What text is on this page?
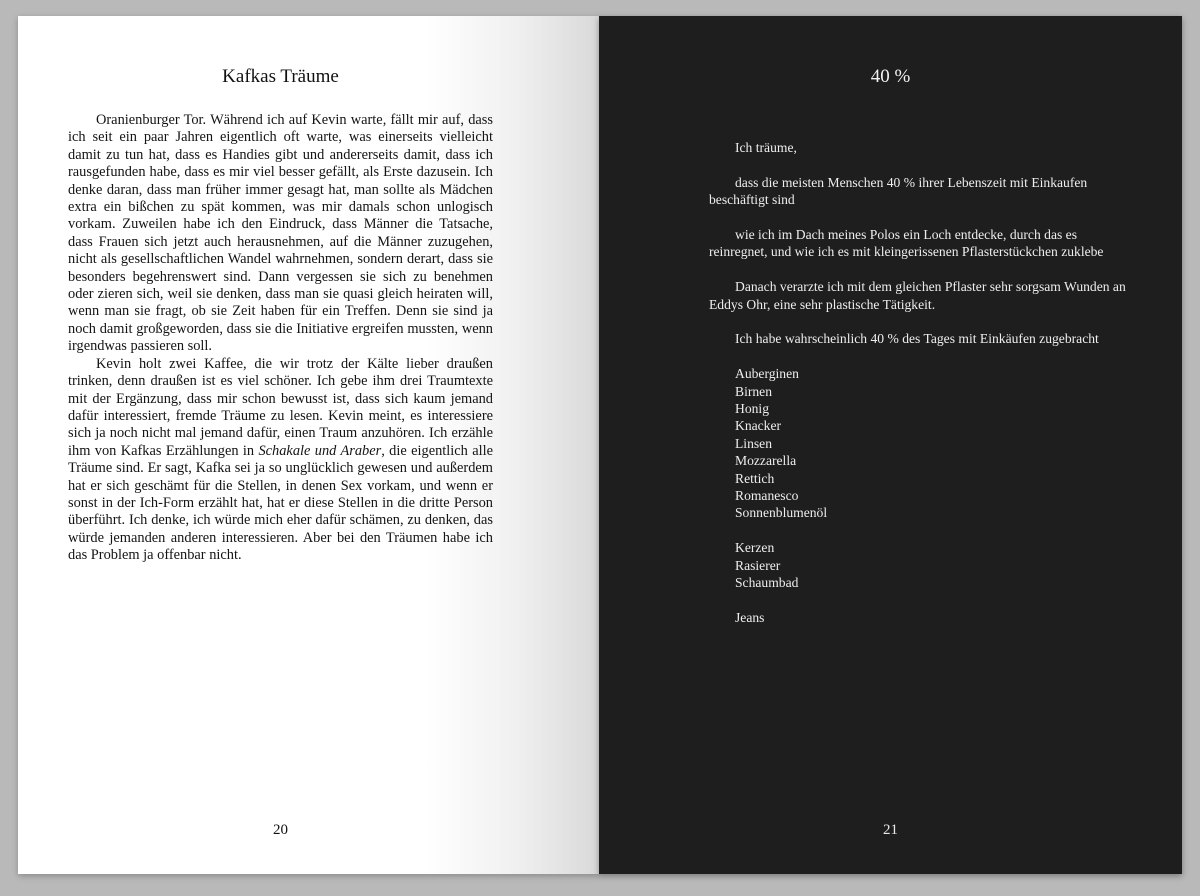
Kafkas Träume

Oranienburger Tor. Während ich auf Kevin warte, fällt mir auf, dass ich seit ein paar Jahren eigentlich oft warte, was einerseits vielleicht damit zu tun hat, dass es Handies gibt und andererseits damit, dass ich rausgefunden habe, dass es mir viel besser gefällt, als Erste dazusein. Ich denke daran, dass man früher immer gesagt hat, man sollte als Mädchen extra ein bißchen zu spät kommen, was mir damals schon unlogisch vorkam. Zuweilen habe ich den Eindruck, dass Männer die Tatsache, dass Frauen sich jetzt auch herausnehmen, auf die Männer zuzugehen, nicht als gesellschaftlichen Wandel wahrnehmen, sondern derart, dass sie besonders begehrenswert sind. Dann vergessen sie sich zu benehmen oder zieren sich, weil sie denken, dass man sie quasi gleich heiraten will, wenn man sie fragt, ob sie Zeit haben für ein Treffen. Denn sie sind ja noch damit großgeworden, dass sie die Initiative ergreifen mussten, wenn irgendwas passieren soll.

Kevin holt zwei Kaffee, die wir trotz der Kälte lieber draußen trinken, denn draußen ist es viel schöner. Ich gebe ihm drei Traumtexte mit der Ergänzung, dass mir schon bewusst ist, dass sich kaum jemand dafür interessiert, fremde Träume zu lesen. Kevin meint, es interessiere sich ja noch nicht mal jemand dafür, einen Traum anzuhören. Ich erzähle ihm von Kafkas Erzählungen in Schakale und Araber, die eigentlich alle Träume sind. Er sagt, Kafka sei ja so unglücklich gewesen und außerdem hat er sich geschämt für die Stellen, in denen Sex vorkam, und wenn er sonst in der Ich-Form erzählt hat, hat er diese Stellen in die dritte Person überführt. Ich denke, ich würde mich eher dafür schämen, zu denken, das würde jemanden anderen interessieren. Aber bei den Träumen habe ich das Problem ja offenbar nicht.

20
40 %

Ich träume,

dass die meisten Menschen 40 % ihrer Lebenszeit mit Einkaufen beschäftigt sind

wie ich im Dach meines Polos ein Loch entdecke, durch das es reinregnet, und wie ich es mit kleingerissenen Pflasterstückchen zuklebe

Danach verarzte ich mit dem gleichen Pflaster sehr sorgsam Wunden an Eddys Ohr, eine sehr plastische Tätigkeit.

Ich habe wahrscheinlich 40 % des Tages mit Einkäufen zugebracht

Auberginen
Birnen
Honig
Knacker
Linsen
Mozzarella
Rettich
Romanesco
Sonnenblumenöl
Kerzen
Rasierer
Schaumbad
Jeans
21
